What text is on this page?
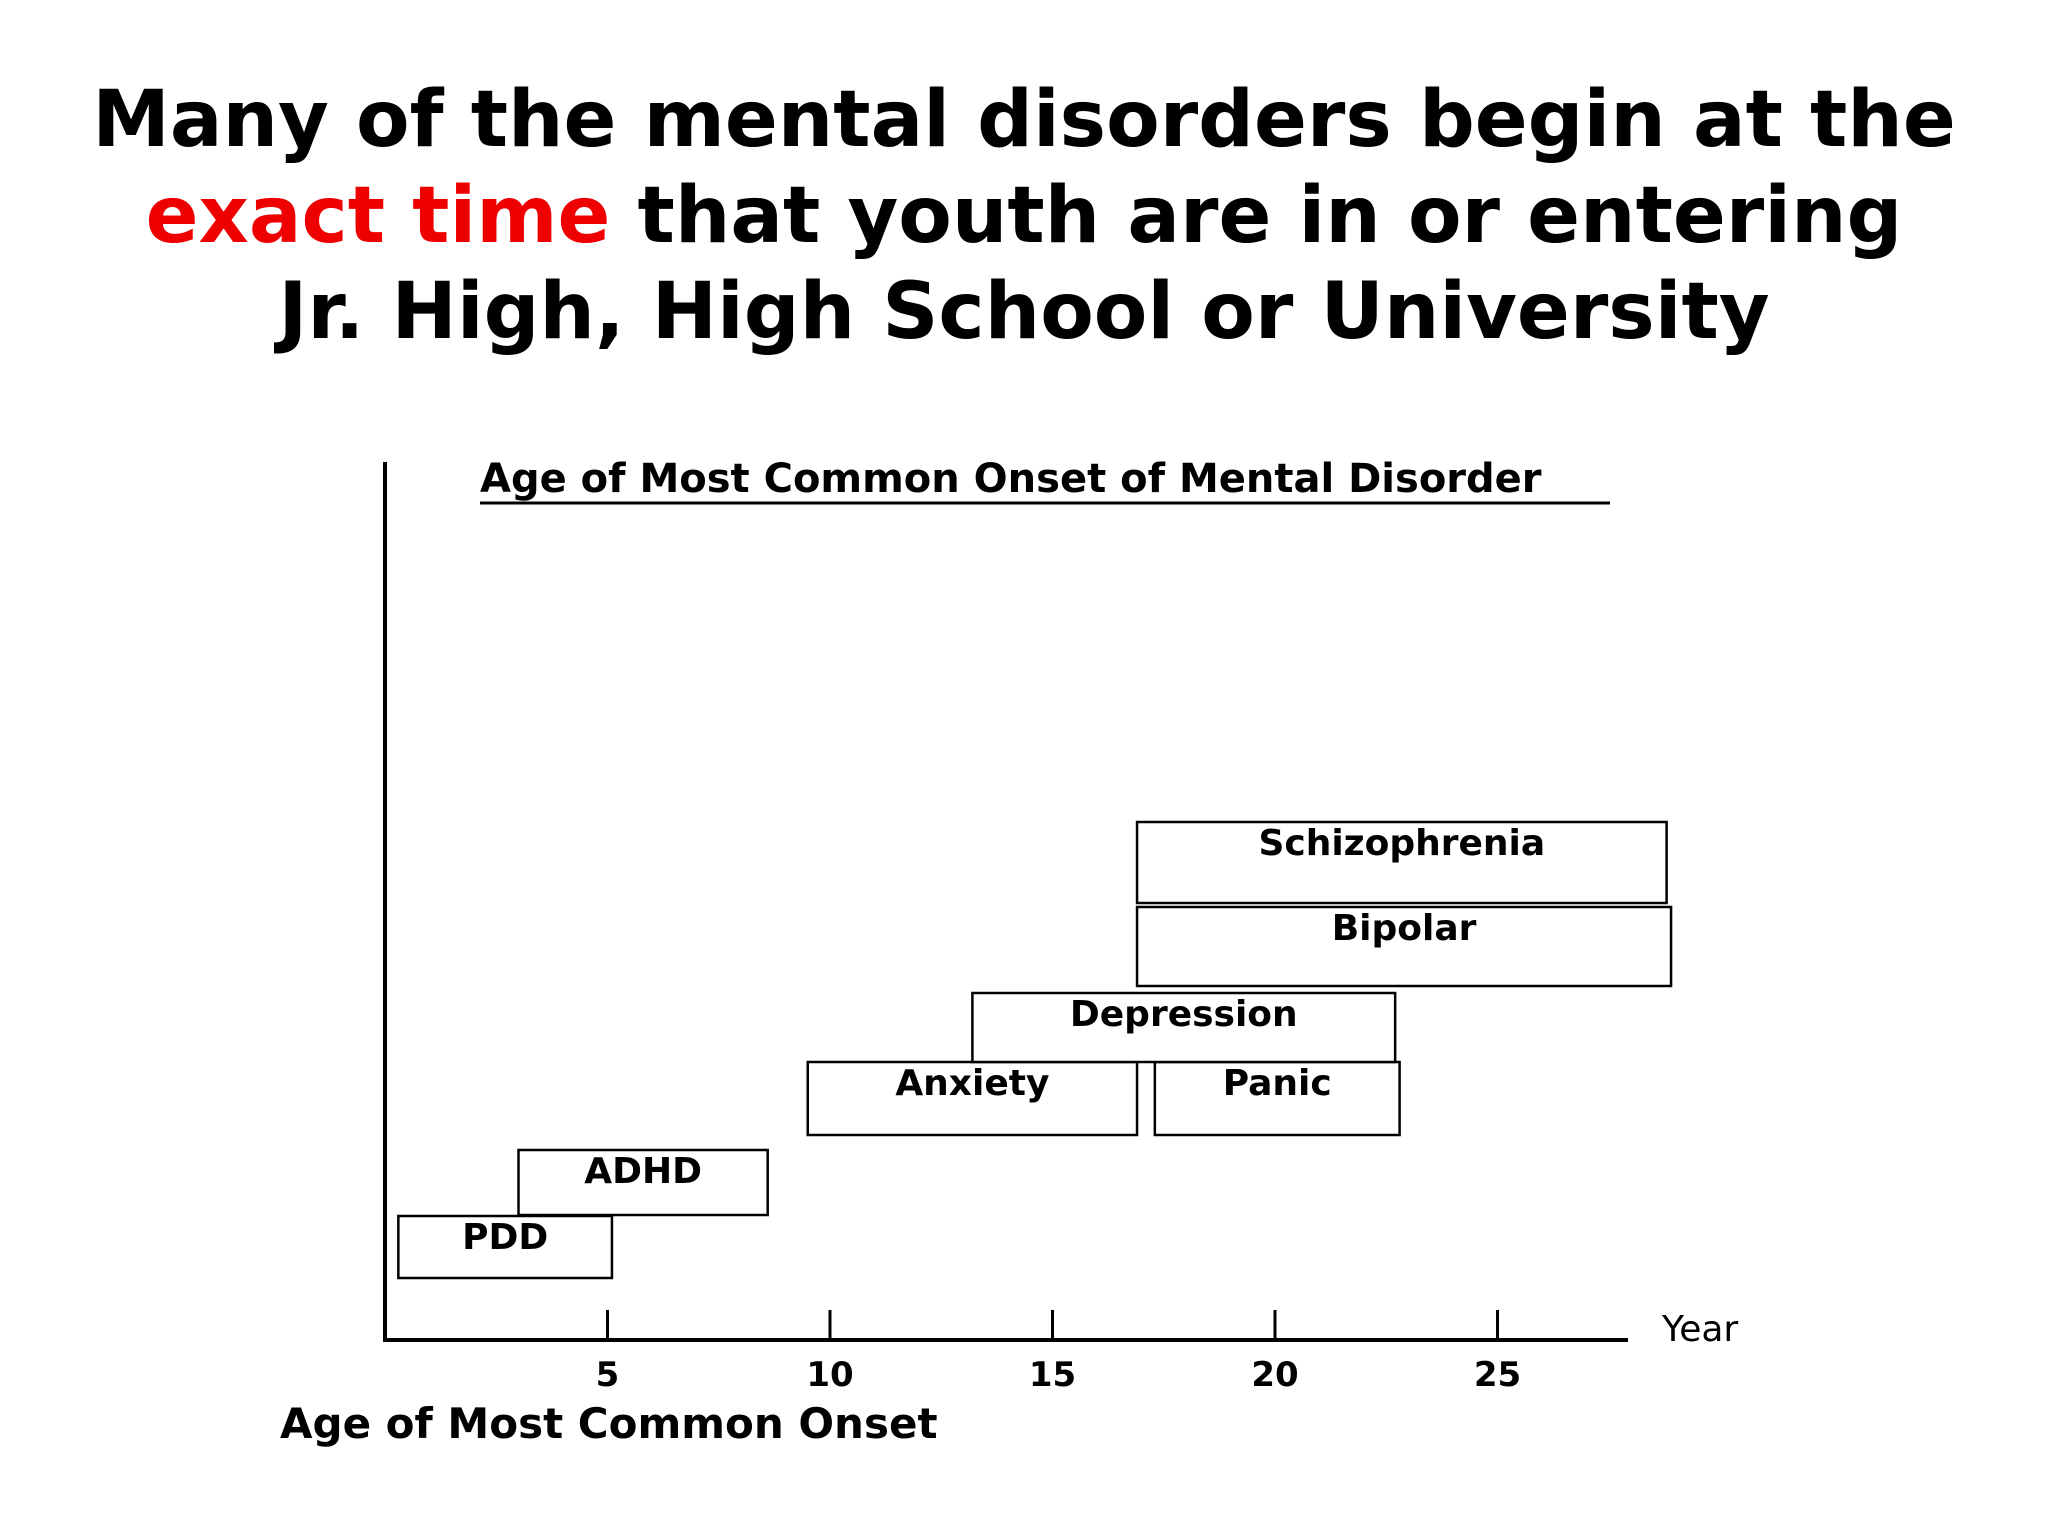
Many of the mental disorders begin at the
exact time that youth are in or entering
Jr. High, High School or University
Age of Most Common Onset of Mental Disorder
5	10	15	20	25
PDD
ADHD
Anxiety	Panic
Depression
Bipolar
Schizophrenia
Year
Age of Most Common Onset
